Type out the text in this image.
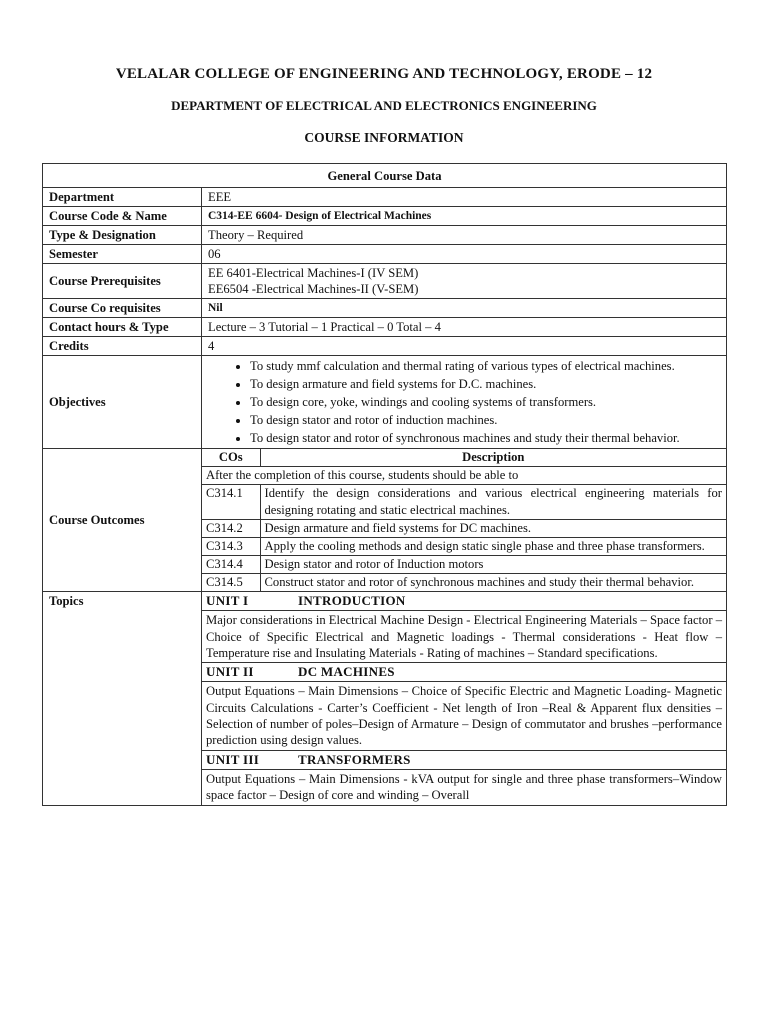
VELALAR COLLEGE OF ENGINEERING AND TECHNOLOGY, ERODE – 12
DEPARTMENT OF ELECTRICAL AND ELECTRONICS ENGINEERING
COURSE INFORMATION
General Course Data
Department	EEE
Course Code & Name	C314-EE 6604- Design of Electrical Machines
Type & Designation	Theory – Required
Semester	06
Course Prerequisites	
EE 6401-Electrical Machines-I (IV SEM)
EE6504 -Electrical Machines-II (V-SEM)

Course Co requisites	Nil
Contact hours & Type	Lecture – 3 Tutorial – 1 Practical – 0 Total – 4
Credits	4
Objectives	
• To study mmf calculation and thermal rating of various types of electrical machines.
• To design armature and field systems for D.C. machines.
• To design core, yoke, windings and cooling systems of transformers.
• To design stator and rotor of induction machines.
• To design stator and rotor of synchronous machines and study their thermal behavior.

Course Outcomes	
COs	Description
After the completion of this course, students should be able to
C314.1	Identify the design considerations and various electrical engineering materials for designing rotating and static electrical machines.
C314.2	Design armature and field systems for DC machines.
C314.3	Apply the cooling methods and design static single phase and three phase transformers.
C314.4	Design stator and rotor of Induction motors
C314.5	Construct stator and rotor of synchronous machines and study their thermal behavior.

Topics		UNIT I	INTRODUCTION
Major considerations in Electrical Machine Design - Electrical Engineering Materials – Space factor –Choice of Specific Electrical and Magnetic loadings - Thermal considerations - Heat flow –Temperature rise and Insulating Materials - Rating of machines – Standard specifications.
UNIT II	DC MACHINES
Output Equations – Main Dimensions – Choice of Specific Electric and Magnetic Loading- Magnetic Circuits Calculations - Carter’s Coefficient - Net length of Iron –Real & Apparent flux densities –Selection of number of poles–Design of Armature – Design of commutator and brushes –performance prediction using design values.
UNIT III	TRANSFORMERS
Output Equations – Main Dimensions - kVA output for single and three phase transformers–Window space factor – Design of core and winding – Overall
